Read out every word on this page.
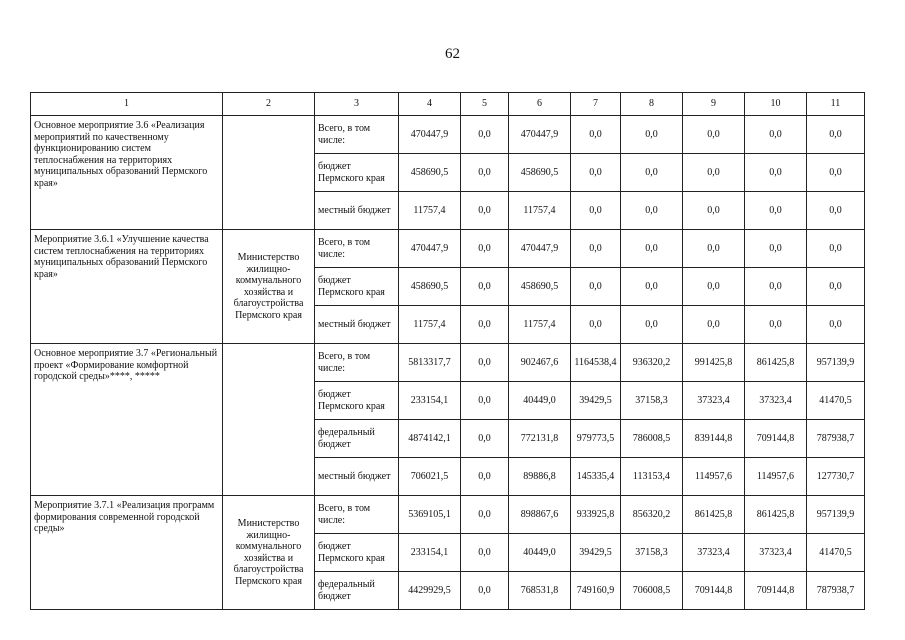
62
1	2	3	4	5	6	7	8	9	10	11
Основное мероприятие 3.6 «Реализация мероприятий по качественному функционированию систем теплоснабжения на территориях муниципальных образований Пермского края»		Всего, в том числе:	470447,9	0,0	470447,9	0,0	0,0	0,0	0,0	0,0
		бюджет Пермского края	458690,5	0,0	458690,5	0,0	0,0	0,0	0,0	0,0
		местный бюджет	11757,4	0,0	11757,4	0,0	0,0	0,0	0,0	0,0
Мероприятие 3.6.1 «Улучшение качества систем теплоснабжения на территориях муниципальных образований Пермского края»	Министерство жилищно-коммунального хозяйства и благоустройства Пермского края	Всего, в том числе:	470447,9	0,0	470447,9	0,0	0,0	0,0	0,0	0,0
		бюджет Пермского края	458690,5	0,0	458690,5	0,0	0,0	0,0	0,0	0,0
		местный бюджет	11757,4	0,0	11757,4	0,0	0,0	0,0	0,0	0,0
Основное мероприятие 3.7 «Региональный проект «Формирование комфортной городской среды»****, *****		Всего, в том числе:	5813317,7	0,0	902467,6	1164538,4	936320,2	991425,8	861425,8	957139,9
		бюджет Пермского края	233154,1	0,0	40449,0	39429,5	37158,3	37323,4	37323,4	41470,5
		федеральный бюджет	4874142,1	0,0	772131,8	979773,5	786008,5	839144,8	709144,8	787938,7
		местный бюджет	706021,5	0,0	89886,8	145335,4	113153,4	114957,6	114957,6	127730,7
Мероприятие 3.7.1 «Реализация программ формирования современной городской среды»	Министерство жилищно-коммунального хозяйства и благоустройства Пермского края	Всего, в том числе:	5369105,1	0,0	898867,6	933925,8	856320,2	861425,8	861425,8	957139,9
		бюджет Пермского края	233154,1	0,0	40449,0	39429,5	37158,3	37323,4	37323,4	41470,5
		федеральный бюджет	4429929,5	0,0	768531,8	749160,9	706008,5	709144,8	709144,8	787938,7
